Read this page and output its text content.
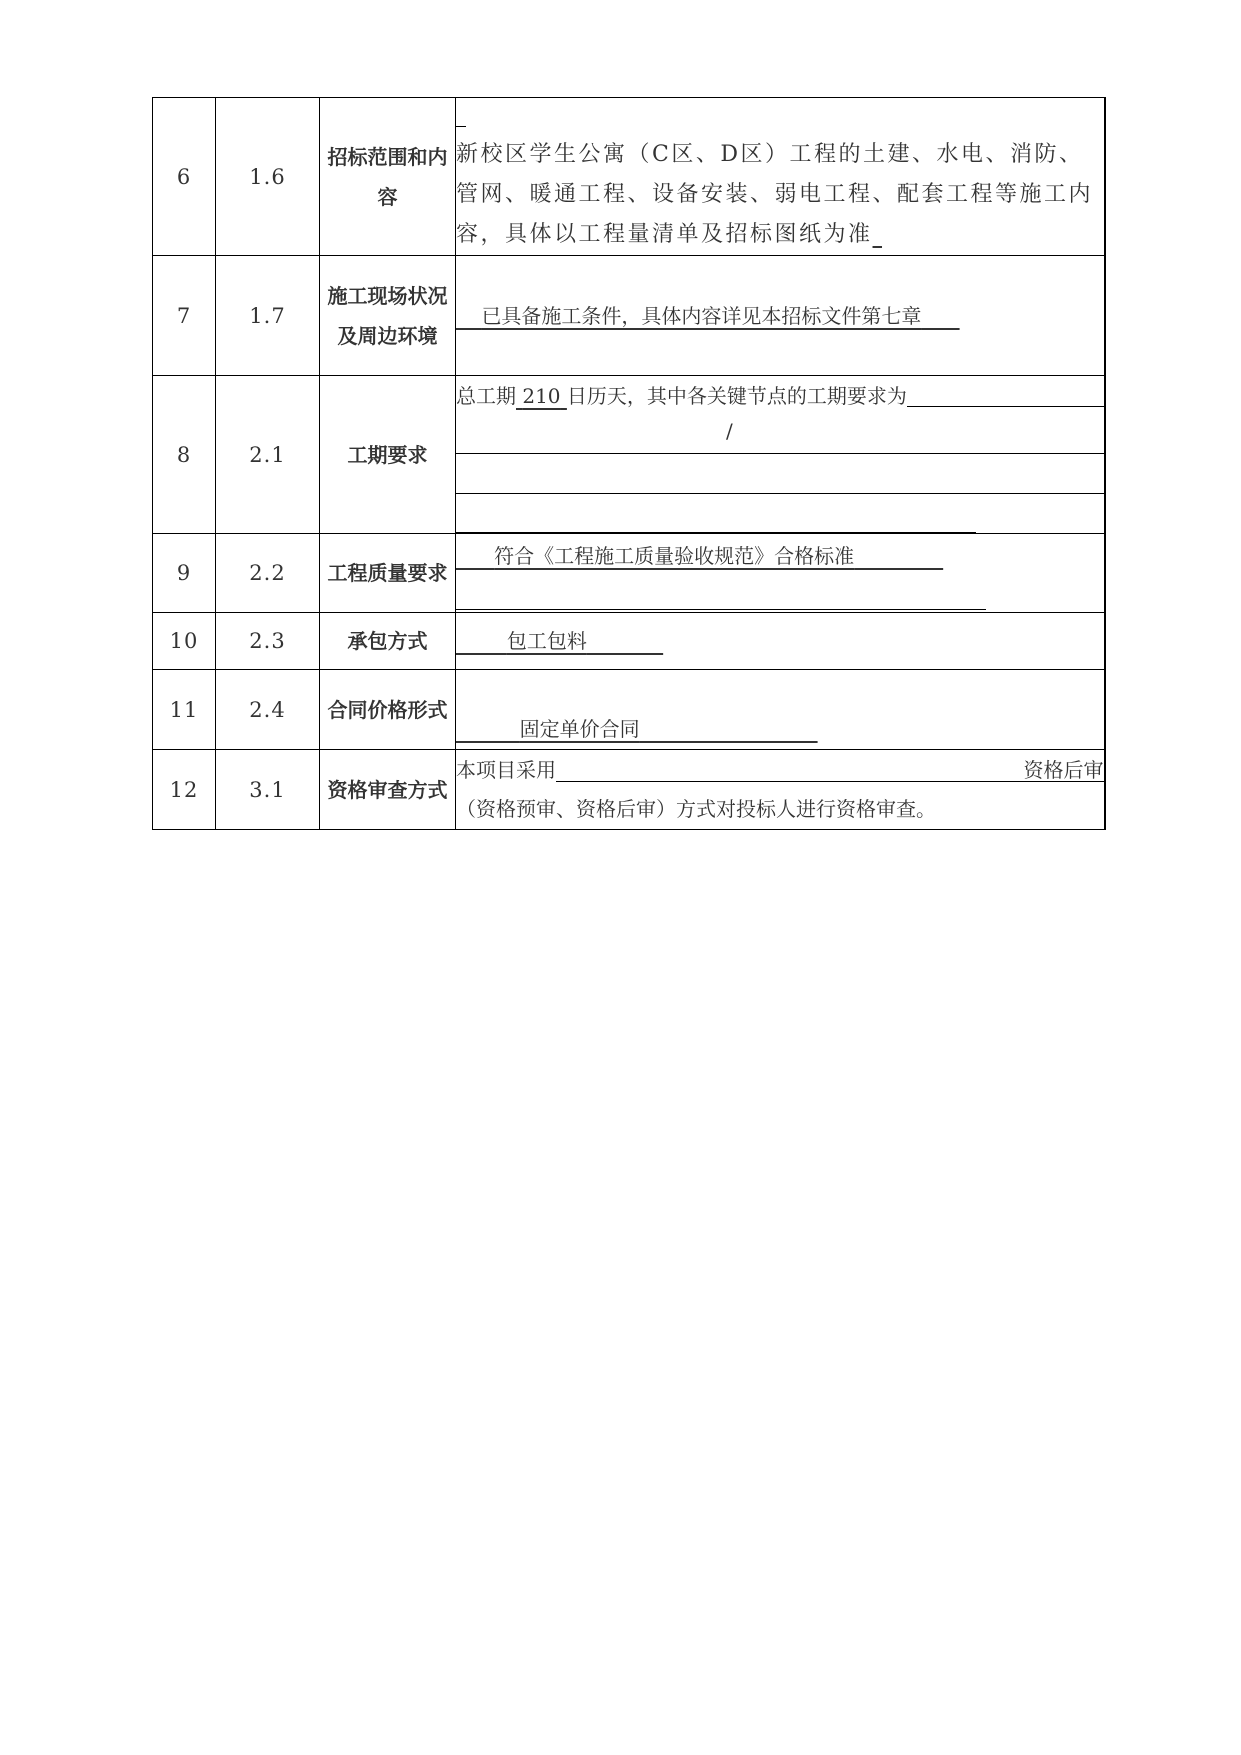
6	1.6	招标范围和内容	新校区学生公寓（C区、D区）工程的土建、水电、消防、管网、暖通工程、设备安装、弱电工程、配套工程等施工内容，具体以工程量清单及招标图纸为准

7	1.7	施工现场状况及周边环境	已具备施工条件，具体内容详见本招标文件第七章
8	2.1	工期要求	总工期 210 日历天，其中各关键节点的工期要求为
/

9	2.2	工程质量要求	符合《工程施工质量验收规范》合格标准

10	2.3	承包方式	包工包料
11	2.4	合同价格形式	固定单价合同
12	3.1	资格审查方式	本项目采用 资格后审
（资格预审、资格后审）方式对投标人进行资格审查。
